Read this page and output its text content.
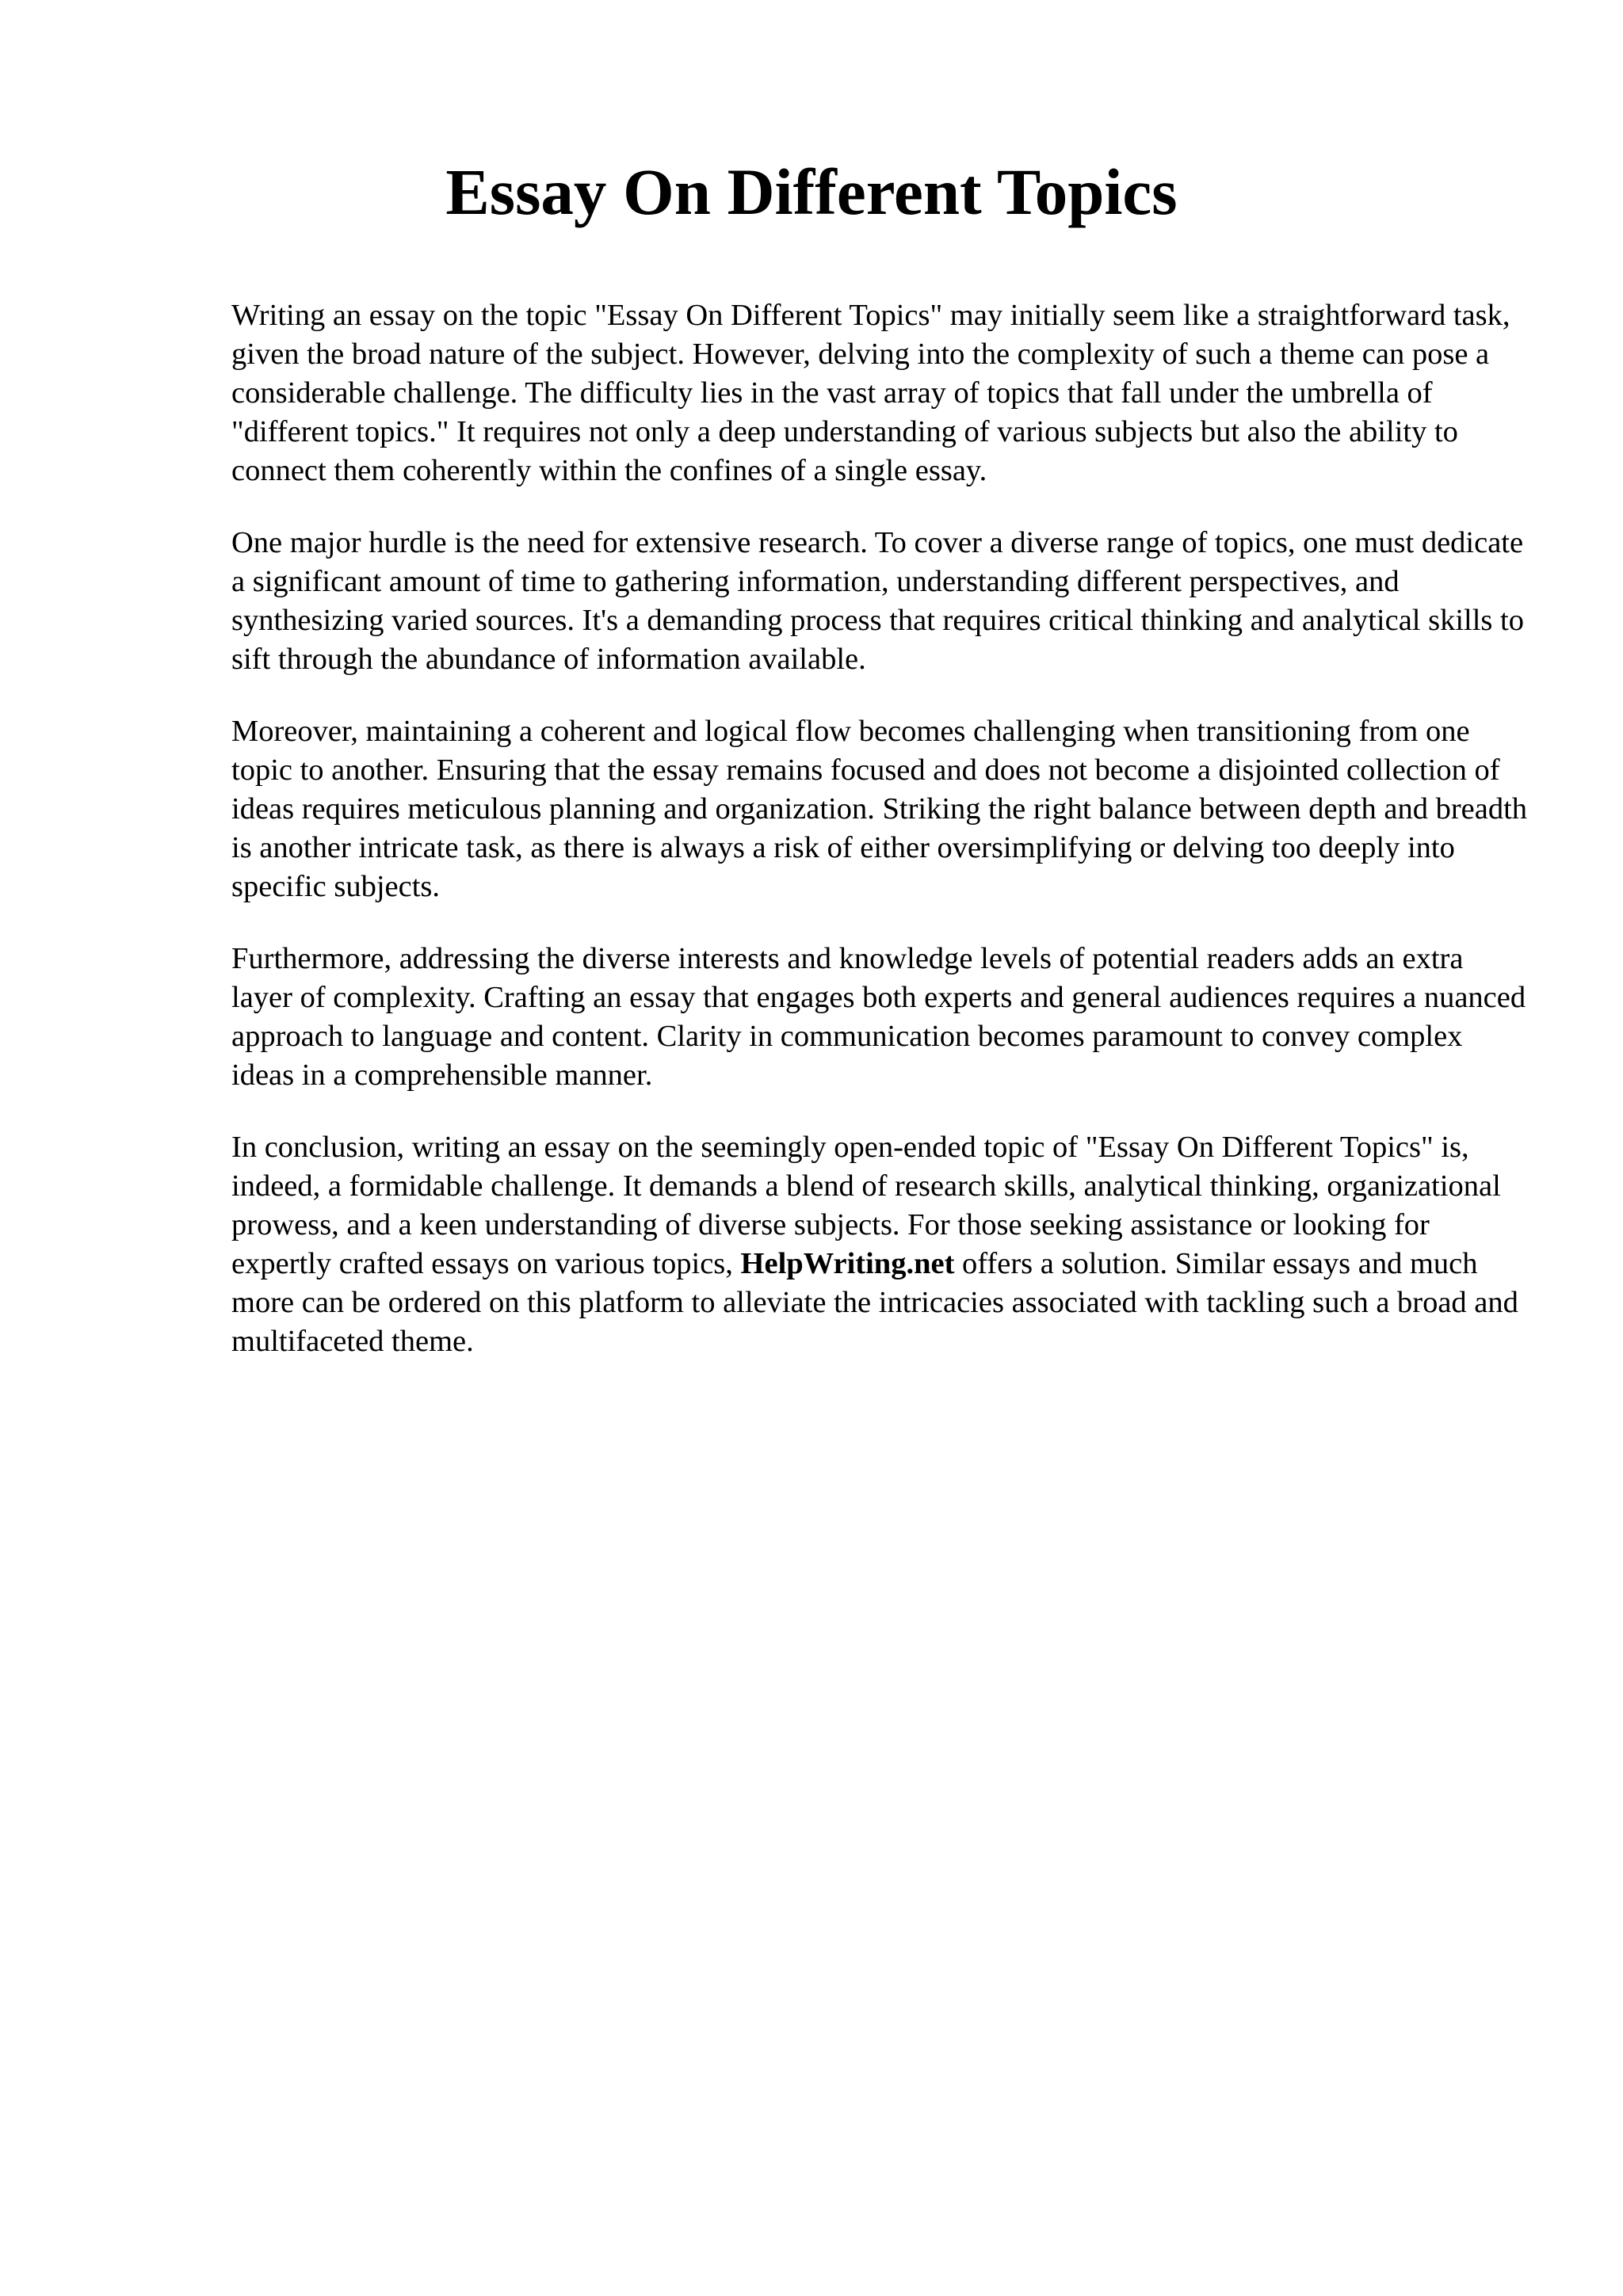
Essay On Different Topics

Writing an essay on the topic "Essay On Different Topics" may initially seem like a straightforward task, given the broad nature of the subject. However, delving into the complexity of such a theme can pose a considerable challenge. The difficulty lies in the vast array of topics that fall under the umbrella of "different topics." It requires not only a deep understanding of various subjects but also the ability to connect them coherently within the confines of a single essay.

One major hurdle is the need for extensive research. To cover a diverse range of topics, one must dedicate a significant amount of time to gathering information, understanding different perspectives, and synthesizing varied sources. It's a demanding process that requires critical thinking and analytical skills to sift through the abundance of information available.

Moreover, maintaining a coherent and logical flow becomes challenging when transitioning from one topic to another. Ensuring that the essay remains focused and does not become a disjointed collection of ideas requires meticulous planning and organization. Striking the right balance between depth and breadth is another intricate task, as there is always a risk of either oversimplifying or delving too deeply into specific subjects.

Furthermore, addressing the diverse interests and knowledge levels of potential readers adds an extra layer of complexity. Crafting an essay that engages both experts and general audiences requires a nuanced approach to language and content. Clarity in communication becomes paramount to convey complex ideas in a comprehensible manner.

In conclusion, writing an essay on the seemingly open-ended topic of "Essay On Different Topics" is, indeed, a formidable challenge. It demands a blend of research skills, analytical thinking, organizational prowess, and a keen understanding of diverse subjects. For those seeking assistance or looking for expertly crafted essays on various topics, HelpWriting.net offers a solution. Similar essays and much more can be ordered on this platform to alleviate the intricacies associated with tackling such a broad and multifaceted theme.
